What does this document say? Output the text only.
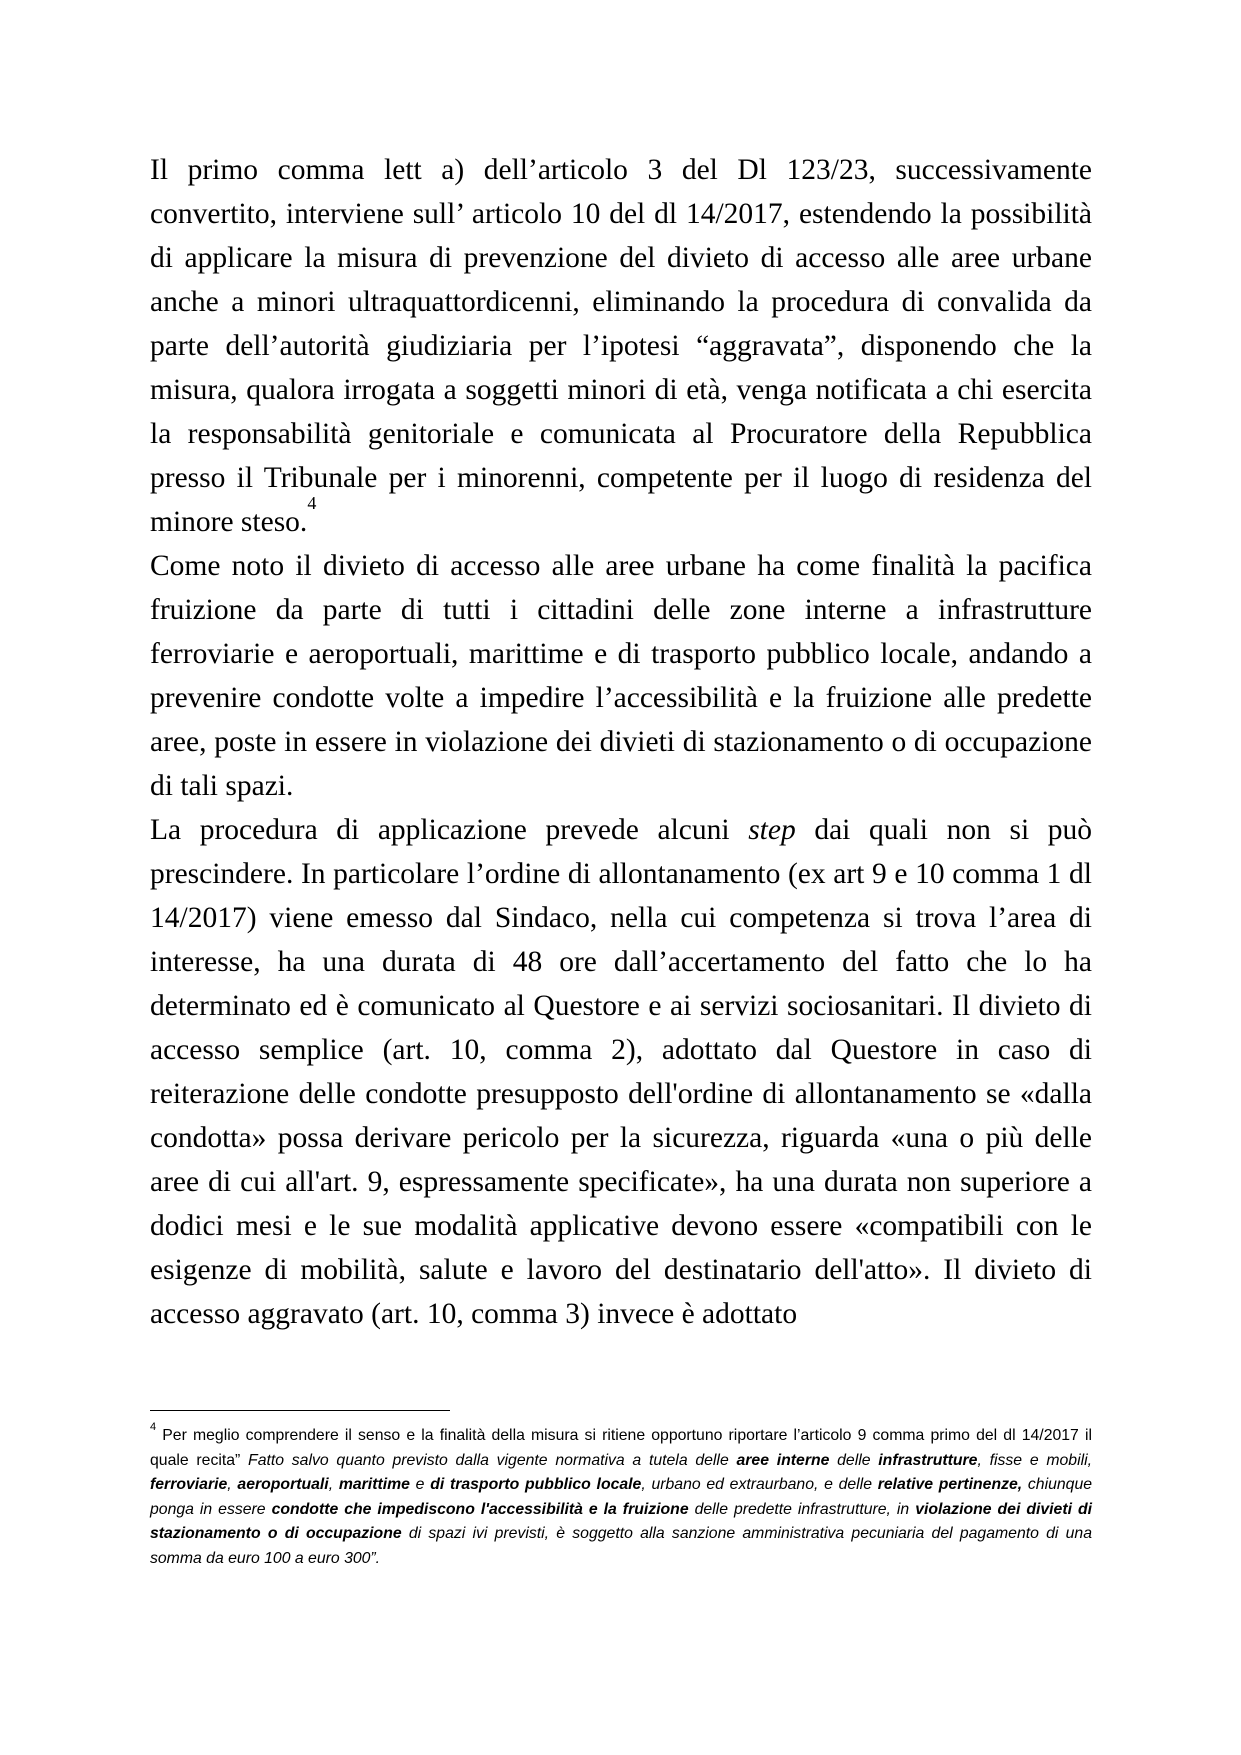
Il primo comma lett a) dell’articolo 3 del Dl 123/23, successivamente convertito, interviene sull’ articolo 10 del dl 14/2017, estendendo la possibilità di applicare la misura di prevenzione del divieto di accesso alle aree urbane anche a minori ultraquattordicenni, eliminando la procedura di convalida da parte dell’autorità giudiziaria per l’ipotesi “aggravata”, disponendo che la misura, qualora irrogata a soggetti minori di età, venga notificata a chi esercita la responsabilità genitoriale e comunicata al Procuratore della Repubblica presso il Tribunale per i minorenni, competente per il luogo di residenza del minore steso.$^4$

Come noto il divieto di accesso alle aree urbane ha come finalità la pacifica fruizione da parte di tutti i cittadini delle zone interne a infrastrutture ferroviarie e aeroportuali, marittime e di trasporto pubblico locale, andando a prevenire condotte volte a impedire l’accessibilità e la fruizione alle predette aree, poste in essere in violazione dei divieti di stazionamento o di occupazione di tali spazi.

La procedura di applicazione prevede alcuni step dai quali non si può prescindere. In particolare l’ordine di allontanamento (ex art 9 e 10 comma 1 dl 14/2017) viene emesso dal Sindaco, nella cui competenza si trova l’area di interesse, ha una durata di 48 ore dall’accertamento del fatto che lo ha determinato ed è comunicato al Questore e ai servizi sociosanitari. Il divieto di accesso semplice (art. 10, comma 2), adottato dal Questore in caso di reiterazione delle condotte presupposto dell'ordine di allontanamento se «dalla condotta» possa derivare pericolo per la sicurezza, riguarda «una o più delle aree di cui all'art. 9, espressamente specificate», ha una durata non superiore a dodici mesi e le sue modalità applicative devono essere «compatibili con le esigenze di mobilità, salute e lavoro del destinatario dell'atto». Il divieto di accesso aggravato (art. 10, comma 3) invece è adottato

$^4$ Per meglio comprendere il senso e la finalità della misura si ritiene opportuno riportare l’articolo 9 comma primo del dl 14/2017 il quale recita” Fatto salvo quanto previsto dalla vigente normativa a tutela delle aree interne delle infrastrutture, fisse e mobili, ferroviarie, aeroportuali, marittime e di trasporto pubblico locale, urbano ed extraurbano, e delle relative pertinenze, chiunque ponga in essere condotte che impediscono l'accessibilità e la fruizione delle predette infrastrutture, in violazione dei divieti di stazionamento o di occupazione di spazi ivi previsti, è soggetto alla sanzione amministrativa pecuniaria del pagamento di una somma da euro 100 a euro 300”.
